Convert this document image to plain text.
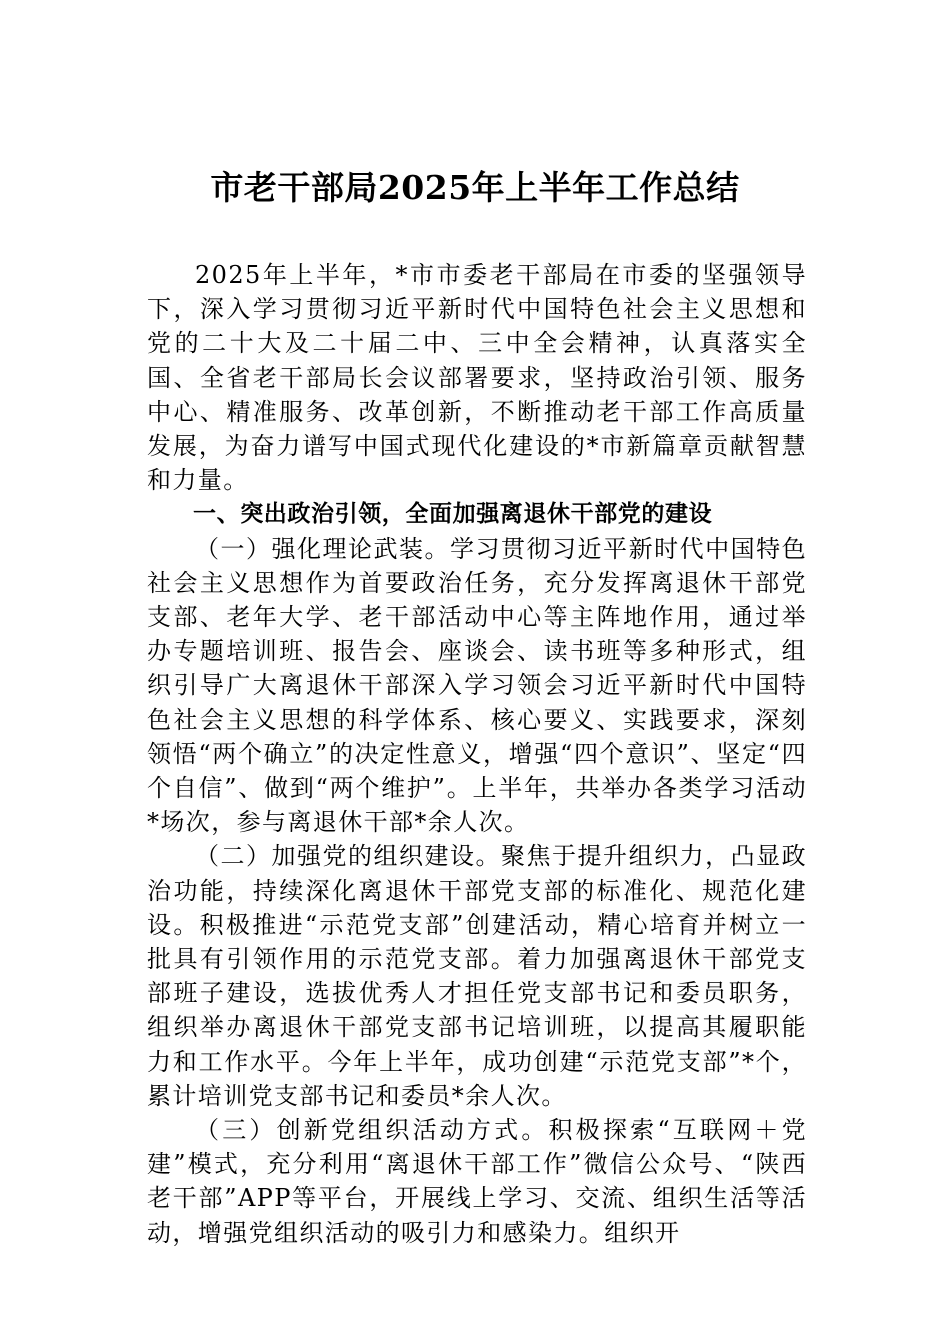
市老干部局2025年上半年工作总结

2025年上半年，*市市委老干部局在市委的坚强领导下，深入学习贯彻习近平新时代中国特色社会主义思想和党的二十大及二十届二中、三中全会精神，认真落实全国、全省老干部局长会议部署要求，坚持政治引领、服务中心、精准服务、改革创新，不断推动老干部工作高质量发展，为奋力谱写中国式现代化建设的*市新篇章贡献智慧和力量。

一、突出政治引领，全面加强离退休干部党的建设

（一）强化理论武装。学习贯彻习近平新时代中国特色社会主义思想作为首要政治任务，充分发挥离退休干部党支部、老年大学、老干部活动中心等主阵地作用，通过举办专题培训班、报告会、座谈会、读书班等多种形式，组织引导广大离退休干部深入学习领会习近平新时代中国特色社会主义思想的科学体系、核心要义、实践要求，深刻领悟“两个确立”的决定性意义，增强“四个意识”、坚定“四个自信”、做到“两个维护”。上半年，共举办各类学习活动*场次，参与离退休干部*余人次。

（二）加强党的组织建设。聚焦于提升组织力，凸显政治功能，持续深化离退休干部党支部的标准化、规范化建设。积极推进“示范党支部”创建活动，精心培育并树立一批具有引领作用的示范党支部。着力加强离退休干部党支部班子建设，选拔优秀人才担任党支部书记和委员职务，组织举办离退休干部党支部书记培训班，以提高其履职能力和工作水平。今年上半年，成功创建“示范党支部”*个，累计培训党支部书记和委员*余人次。

（三）创新党组织活动方式。积极探索“互联网＋党建”模式，充分利用“离退休干部工作”微信公众号、“陕西老干部”APP等平台，开展线上学习、交流、组织生活等活动，增强党组织活动的吸引力和感染力。组织开
